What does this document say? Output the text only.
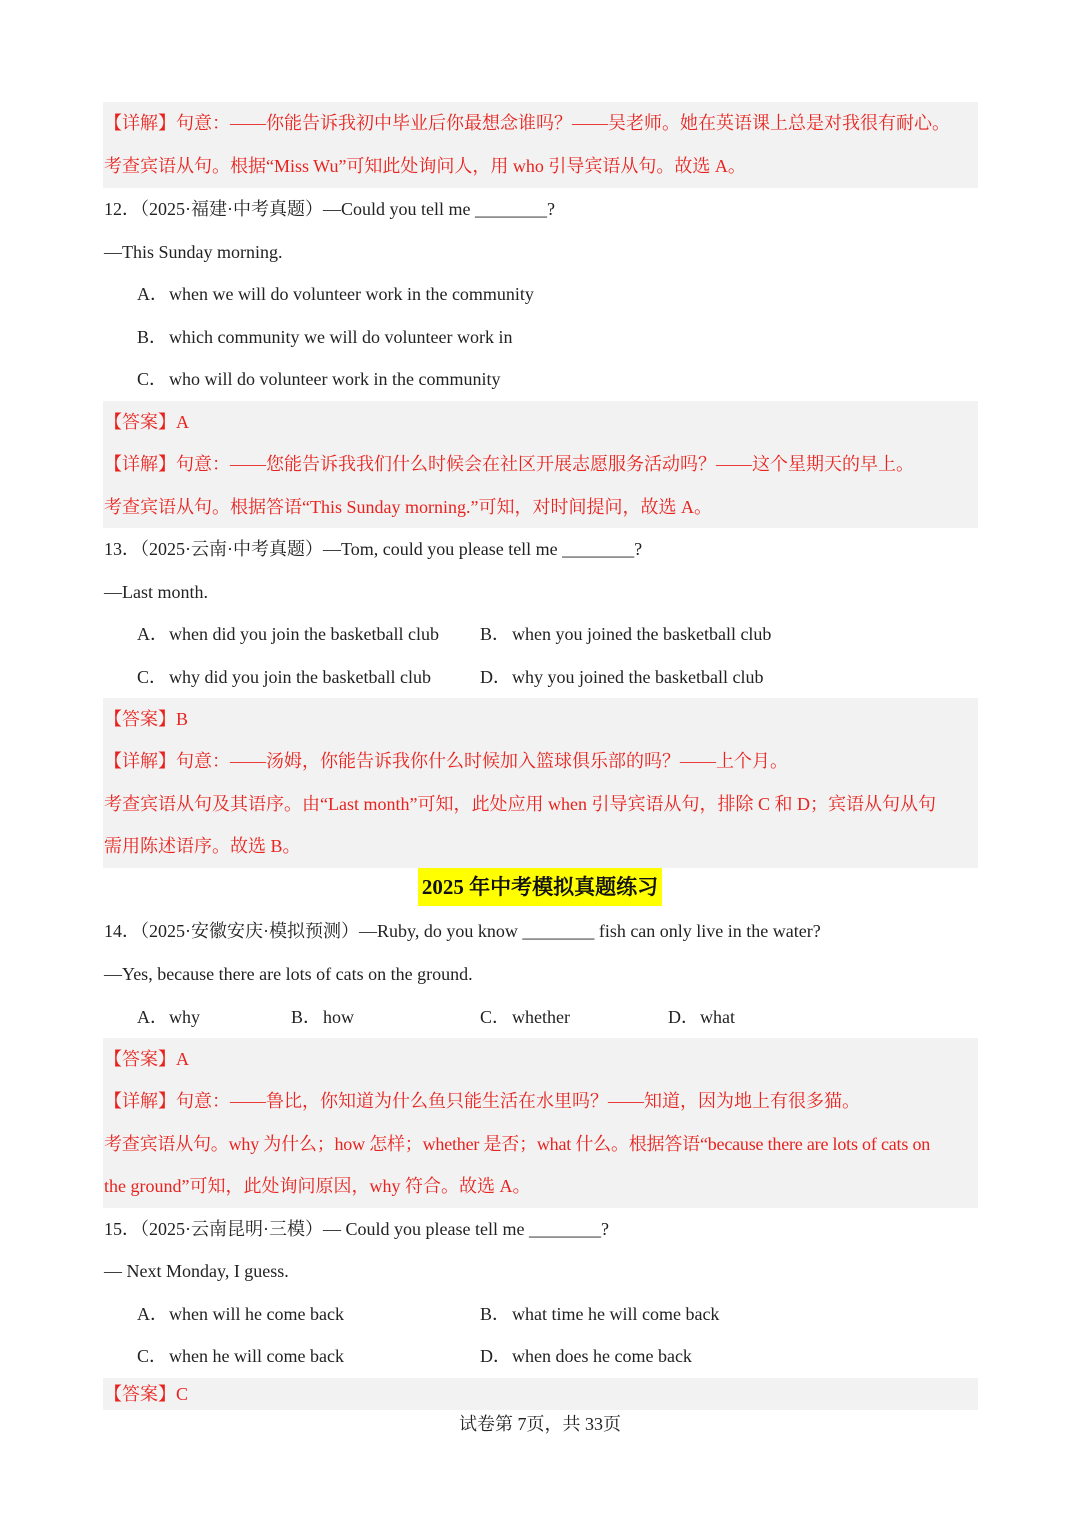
【详解】句意：——你能告诉我初中毕业后你最想念谁吗？——吴老师。她在英语课上总是对我很有耐心。
考查宾语从句。根据“Miss Wu”可知此处询问人，用 who 引导宾语从句。故选 A。
12．（2025·福建·中考真题）—Could you tell me ________?
—This Sunday morning.
A．when we will do volunteer work in the community
B． which community we will do volunteer work in
C． who will do volunteer work in the community
【答案】A
【详解】句意：——您能告诉我我们什么时候会在社区开展志愿服务活动吗？——这个星期天的早上。
考查宾语从句。根据答语“This Sunday morning.”可知，对时间提问，故选 A。
13．（2025·云南·中考真题）—Tom, could you please tell me ________?
—Last month.
A．when did you join the basketball club B． when you joined the basketball club
C． why did you join the basketball club	D．why you joined the basketball club
【答案】B
【详解】句意：——汤姆，你能告诉我你什么时候加入篮球俱乐部的吗？——上个月。
考查宾语从句及其语序。由“Last month”可知，此处应用 when 引导宾语从句，排除 C 和 D；宾语从句从句
需用陈述语序。故选 B。
2025 年中考模拟真题练习
14．（2025·安徽安庆·模拟预测）—Ruby, do you know ________ fish can only live in the water?
—Yes, because there are lots of cats on the ground.
A．why	B． how	C． whether	D．what
【答案】A
【详解】句意：——鲁比，你知道为什么鱼只能生活在水里吗？——知道，因为地上有很多猫。
考查宾语从句。why 为什么；how 怎样；whether 是否；what 什么。根据答语“because there are lots of cats on
the ground”可知，此处询问原因，why 符合。故选 A。
15．（2025·云南昆明·三模）— Could you please tell me ________?
— Next Monday, I guess.
A．when will he come back	B． what time he will come back
C． when he will come back	D．when does he come back
【答案】C
试卷第 7页，共 33页
